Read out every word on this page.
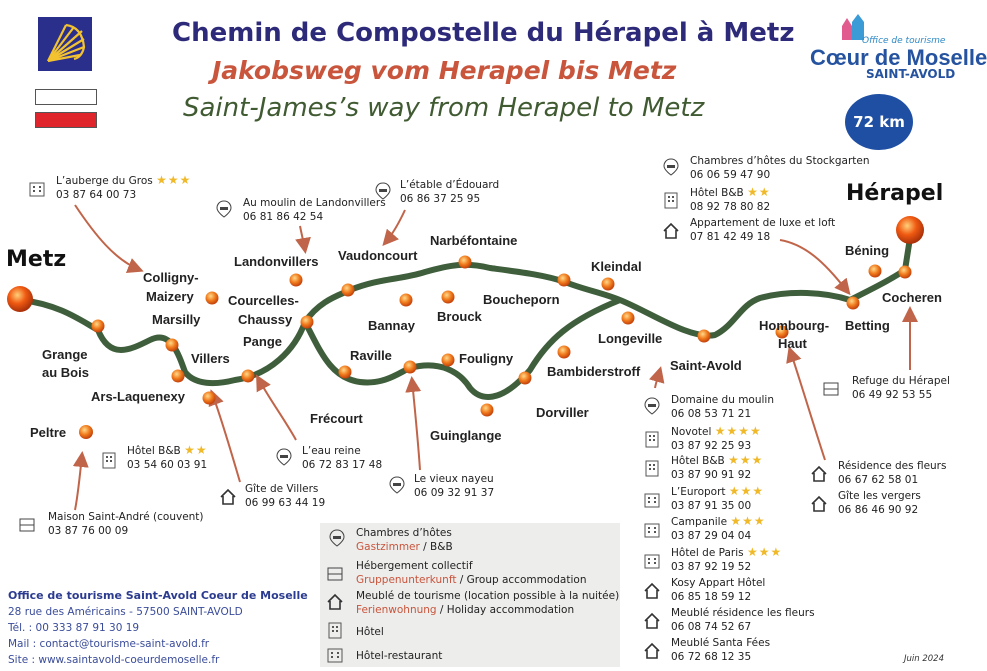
Chemin de Compostelle du Hérapel à Metz
Jakobsweg vom Herapel bis Metz
Saint-James’s way from Herapel to Metz
Office de tourisme
Cœur de Moselle
SAINT-AVOLD
72 km
Metz
Hérapel
Colligny-
Maizery
Landonvillers Vaudoncourt
Narbéfontaine
Kleindal
Béning
Cocheren
Betting
Hombourg-
Haut
Marsilly
Courcelles-
Chaussy
Pange
Bannay
Brouck
Boucheporn
Longeville
Saint-Avold
Grange
au Bois
Villers	Raville	Fouligny
Bambiderstroff
Ars-Laquenexy
Frécourt	Dorviller
Guinglange
Peltre
L’auberge du Gros ★★★
03 87 64 00 73
Au moulin de Landonvillers
06 81 86 42 54
L’étable d’Édouard
06 86 37 25 95
Chambres d’hôtes du Stockgarten
06 06 59 47 90
Hôtel B&B ★★
08 92 78 80 82
Appartement de luxe et loft
07 81 42 49 18
Hôtel B&B ★★
03 54 60 03 91
L’eau reine
06 72 83 17 48
Le vieux nayeu
06 09 32 91 37
Gîte de Villers
06 99 63 44 19
Maison Saint-André (couvent)
03 87 76 00 09
Refuge du Hérapel
06 49 92 53 55
Résidence des fleurs
06 67 62 58 01
Gîte les vergers
06 86 46 90 92
Domaine du moulin
06 08 53 71 21
Novotel ★★★★
03 87 92 25 93
Hôtel B&B ★★★
03 87 90 91 92
L’Europort ★★★
03 87 91 35 00
Campanile ★★★
03 87 29 04 04
Hôtel de Paris ★★★
03 87 92 19 52
Kosy Appart Hôtel
06 85 18 59 12
Meublé résidence les fleurs
06 08 74 52 67
Meublé Santa Fées
06 72 68 12 35
Chambres d’hôtes
Gastzimmer / B&B
Hébergement collectif
Gruppenunterkunft / Group accommodation
Meublé de tourisme (location possible à la nuitée)
Ferienwohnung / Holiday accommodation
Hôtel
Hôtel-restaurant
Office de tourisme Saint-Avold Coeur de Moselle
28 rue des Américains - 57500 SAINT-AVOLD
Tél. : 00 333 87 91 30 19
Mail : contact@tourisme-saint-avold.fr
Site : www.saintavold-coeurdemoselle.fr	Juin 2024
